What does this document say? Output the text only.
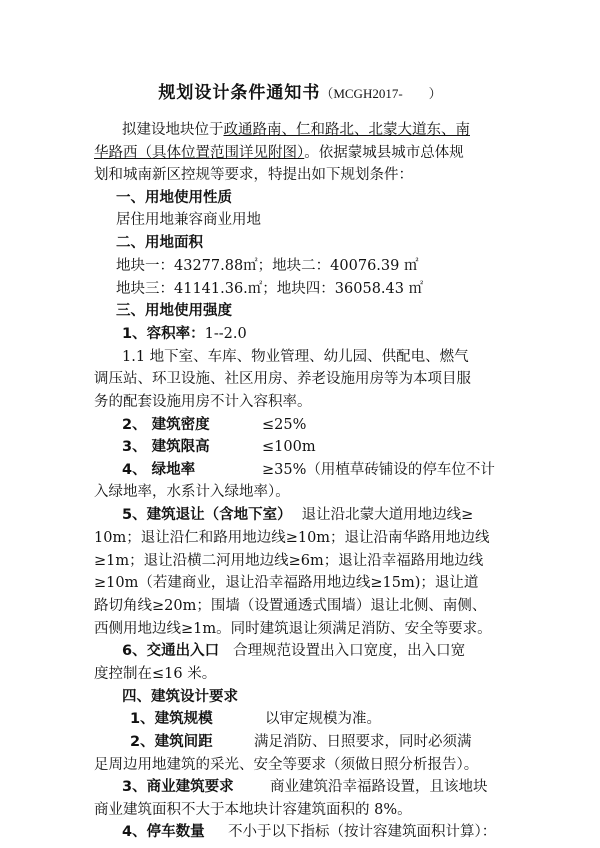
规划设计条件通知书（MCGH2017-　　）
拟建设地块位于政通路南、仁和路北、北蒙大道东、南
华路西（具体位置范围详见附图）。依据蒙城县城市总体规
划和城南新区控规等要求，特提出如下规划条件：
一、用地使用性质
居住用地兼容商业用地
二、用地面积
地块一：43277.88㎡；地块二：40076.39 ㎡
地块三：41141.36.㎡；地块四：36058.43 ㎡
三、用地使用强度
1、容积率：1--2.0
1.1 地下室、车库、物业管理、幼儿园、供配电、燃气
调压站、环卫设施、社区用房、养老设施用房等为本项目服
务的配套设施用房不计入容积率。
2、 建筑密度	≤25%
3、 建筑限高	≤100m
4、 绿地率	≥35%（用植草砖铺设的停车位不计
入绿地率，水系计入绿地率）。
5、建筑退让（含地下室） 退让沿北蒙大道用地边线≥
10m；退让沿仁和路用地边线≥10m；退让沿南华路用地边线
≥1m；退让沿横二河用地边线≥6m；退让沿幸福路用地边线
≥10m（若建商业，退让沿幸福路用地边线≥15m)；退让道
路切角线≥20m；围墙（设置通透式围墙）退让北侧、南侧、
西侧用地边线≥1m。同时建筑退让须满足消防、安全等要求。
6、交通出入口 合理规范设置出入口宽度，出入口宽
度控制在≤16 米。
四、建筑设计要求
1、建筑规模	以审定规模为准。
2、建筑间距	满足消防、日照要求，同时必须满
足周边用地建筑的采光、安全等要求（须做日照分析报告）。
3、商业建筑要求	商业建筑沿幸福路设置，且该地块
商业建筑面积不大于本地块计容建筑面积的 8%。
4、停车数量 不小于以下指标（按计容建筑面积计算）：
